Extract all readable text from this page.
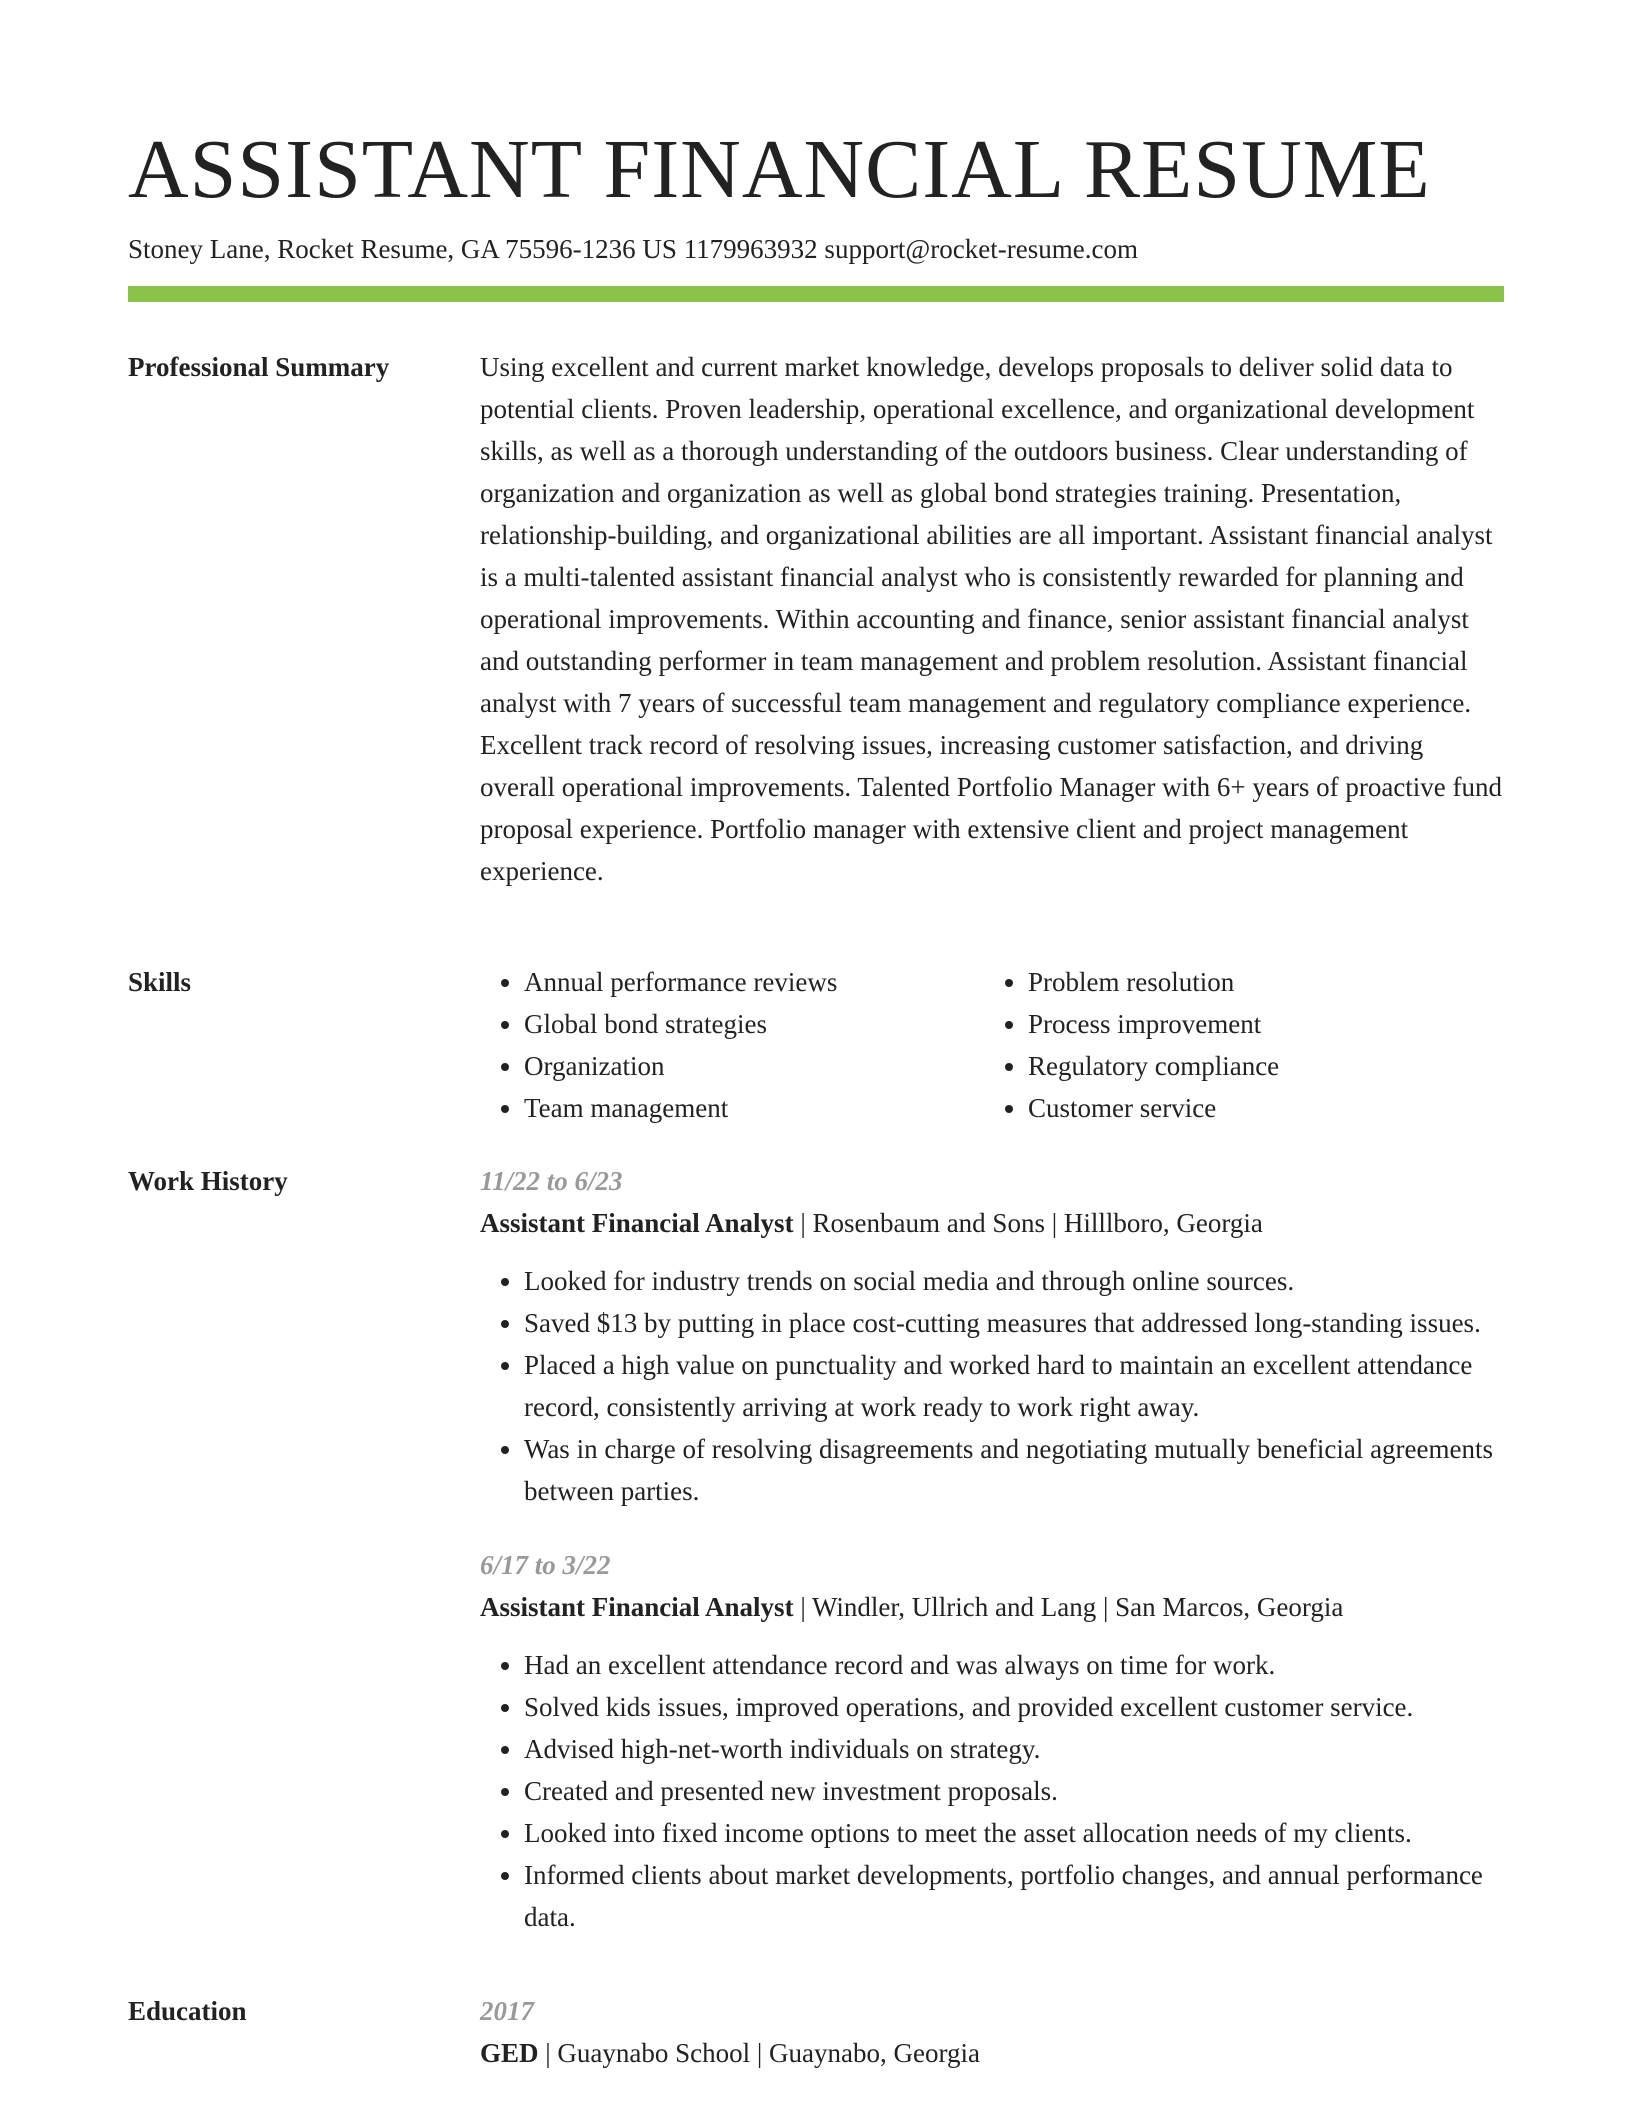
ASSISTANT FINANCIAL RESUME
Stoney Lane, Rocket Resume, GA 75596-1236 US 1179963932 support@rocket-resume.com
Professional Summary	Using excellent and current market knowledge, develops proposals to deliver solid data to potential clients. Proven leadership, operational excellence, and organizational development skills, as well as a thorough understanding of the outdoors business. Clear understanding of organization and organization as well as global bond strategies training. Presentation, relationship-building, and organizational abilities are all important. Assistant financial analyst is a multi-talented assistant financial analyst who is consistently rewarded for planning and operational improvements. Within accounting and finance, senior assistant financial analyst and outstanding performer in team management and problem resolution. Assistant financial analyst with 7 years of successful team management and regulatory compliance experience. Excellent track record of resolving issues, increasing customer satisfaction, and driving overall operational improvements. Talented Portfolio Manager with 6+ years of proactive fund proposal experience. Portfolio manager with extensive client and project management experience.

Skills
•	Annual performance reviews
• Global bond strategies
• Organization
• Team management
• Problem resolution
• Process improvement
• Regulatory compliance
• Customer service
Work History	11/22 to 6/23

Assistant Financial Analyst | Rosenbaum and Sons | Hilllboro, Georgia

• Looked for industry trends on social media and through online sources.
• Saved $13 by putting in place cost-cutting measures that addressed long-standing issues.
• Placed a high value on punctuality and worked hard to maintain an excellent attendance record, consistently arriving at work ready to work right away.
• Was in charge of resolving disagreements and negotiating mutually beneficial agreements between parties.

6/17 to 3/22

Assistant Financial Analyst | Windler, Ullrich and Lang | San Marcos, Georgia

• Had an excellent attendance record and was always on time for work.
• Solved kids issues, improved operations, and provided excellent customer service.
• Advised high-net-worth individuals on strategy.
• Created and presented new investment proposals.
• Looked into fixed income options to meet the asset allocation needs of my clients.
• Informed clients about market developments, portfolio changes, and annual performance data.
Education	2017

GED | Guaynabo School | Guaynabo, Georgia
